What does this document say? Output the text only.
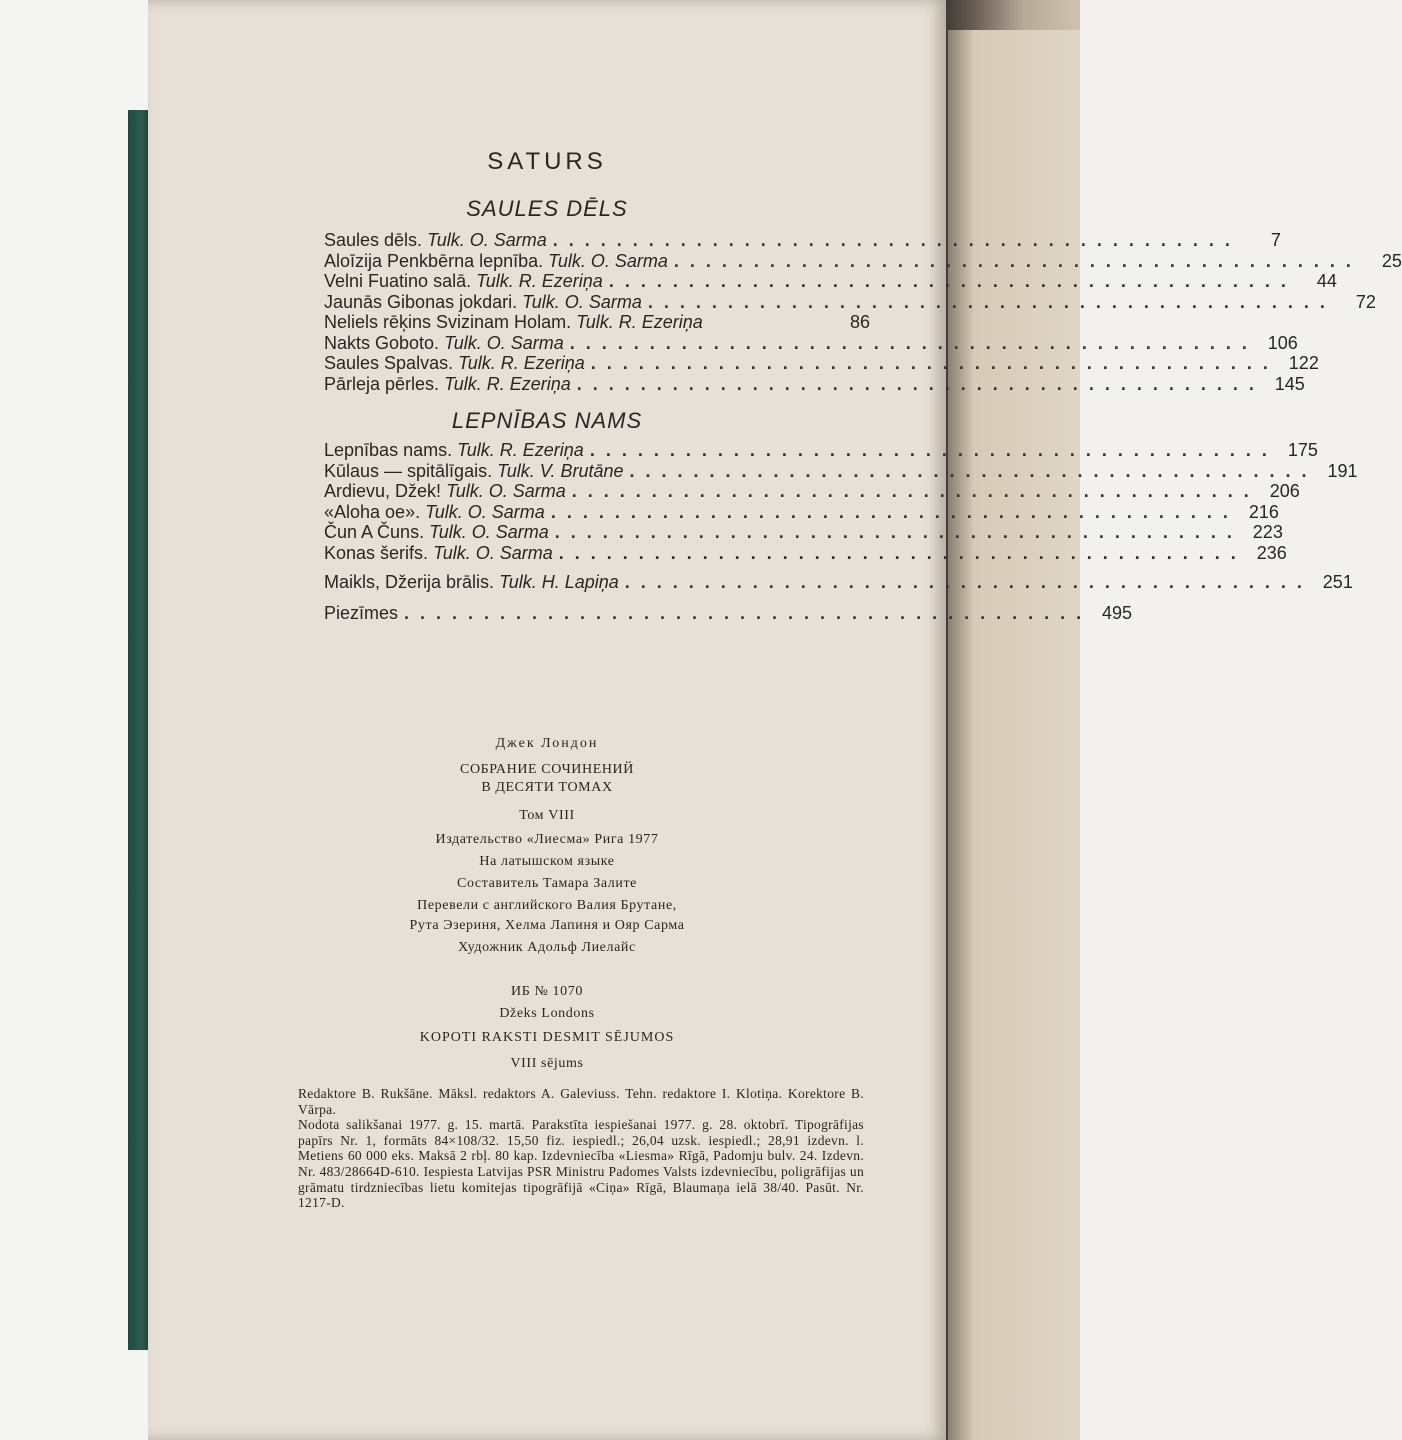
SATURS
SAULES DĒLS
Saules dēls. Tulk. O. Sarma ...........................................	7
Aloīzija Penkbērna lepnība. Tulk. O. Sarma ...........................................	25
Velni Fuatino salā. Tulk. R. Ezeriņa ...........................................	44
Jaunās Gibonas jokdari. Tulk. O. Sarma ...........................................	72
Neliels rēķins Svizinam Holam. Tulk. R. Ezeriņa	86
Nakts Goboto. Tulk. O. Sarma ........................................... 106
Saules Spalvas. Tulk. R. Ezeriņa ........................................... 122
Pārleja pērles. Tulk. R. Ezeriņa ........................................... 145
LEPNĪBAS NAMS
Lepnības nams. Tulk. R. Ezeriņa ........................................... 175
Kūlaus — spitālīgais. Tulk. V. Brutāne ........................................... 191
Ardievu, Džek! Tulk. O. Sarma ........................................... 206
«Aloha oe». Tulk. O. Sarma ........................................... 216
Čun A Čuns. Tulk. O. Sarma ........................................... 223
Konas šerifs. Tulk. O. Sarma ........................................... 236
Maikls, Džerija brālis. Tulk. H. Lapiņa ........................................... 251
Piezīmes ........................................... 495
Джек Лондон
СОБРАНИЕ СОЧИНЕНИЙ
В ДЕСЯТИ ТОМАХ
Том VIII
Издательство «Лиесма» Рига 1977
На латышском языке
Составитель Тамара Залите
Перевели с английского Валия Брутане,
Рута Эзериня, Хелма Лапиня и Ояр Сарма
Художник Адольф Лиелайс
ИБ № 1070
Džeks Londons
KOPOTI RAKSTI DESMIT SĒJUMOS
VIII sējums

Redaktore B. Rukšāne. Māksl. redaktors A. Galeviuss. Tehn. redaktore I. Klotiņa. Korektore B. Vārpa.

Nodota salikšanai 1977. g. 15. martā. Parakstīta iespiešanai 1977. g. 28. oktobrī. Tipogrāfijas papīrs Nr. 1, formāts 84×108/32. 15,50 fiz. iespiedl.; 26,04 uzsk. iespiedl.; 28,91 izdevn. l. Metiens 60 000 eks. Maksā 2 rbļ. 80 kap. Izdevniecība «Liesma» Rīgā, Padomju bulv. 24. Izdevn. Nr. 483/28664D-610. Iespiesta Latvijas PSR Ministru Padomes Valsts izdevniecību, poligrāfijas un grāmatu tirdzniecības lietu komitejas tipogrāfijā «Ciņa» Rīgā, Blaumaņa ielā 38/40. Pasūt. Nr. 1217-D.
